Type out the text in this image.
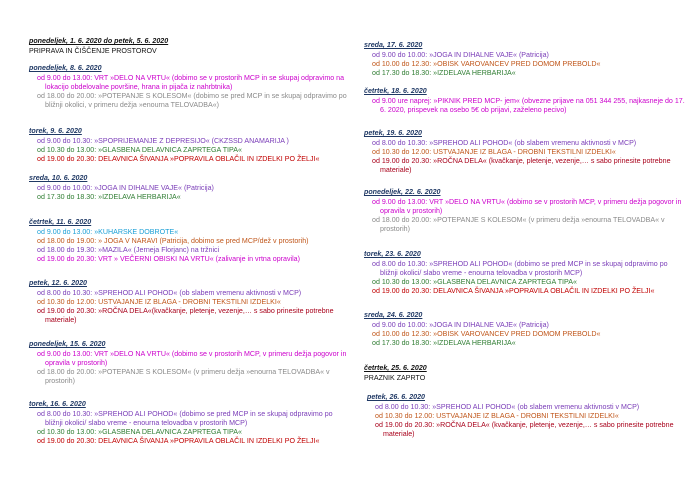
ponedeljek, 1. 6. 2020 do petek, 5. 6. 2020
PRIPRAVA IN ČIŠČENJE PROSTOROV
ponedeljek, 8. 6. 2020
od 9.00 do 13.00: VRT »DELO NA VRTU« (dobimo se v prostorih MCP in se skupaj odpravimo na lokacijo obdelovalne površine, hrana in pijača iz nahrbtnika)
od 18.00 do 20.00: »POTEPANJE S KOLESOM« (dobimo se pred MCP in se skupaj odpravimo po bližnji okolici, v primeru dežja »enourna TELOVADBA«)
torek, 9. 6. 2020
od 9.00 do 10.30: »SPOPRIJEMANJE Z DEPRESIJO« (CKZSSD ANAMARIJA )
od 10.30 do 13.00: »GLASBENA DELAVNICA ZAPRTEGA TIPA«
od 19.00 do 20.30: DELAVNICA ŠIVANJA »POPRAVILA OBLAČIL IN IZDELKI PO ŽELJI«
sreda, 10. 6. 2020
od 9.00 do 10.00: »JOGA IN DIHALNE VAJE« (Patricija)
od 17.30 do 18.30: »IZDELAVA HERBARIJA«
četrtek, 11. 6. 2020
od 9.00 do 13.00: »KUHARSKE DOBROTE«
od 18.00 do 19.00: » JOGA V NARAVI (Patricija, dobimo se pred MCP/dež v prostorih)
od 18.00 do 19.30: »MAZILA« (Jerneja Florjanc) na tržnici
od 19.00 do 20.30: VRT » VEČERNI OBISKI NA VRTU« (zalivanje in vrtna opravila)
petek, 12. 6. 2020
od 8.00 do 10.30: »SPREHOD ALI POHOD« (ob slabem vremenu aktivnosti v MCP)
od 10.30 do 12.00: USTVAJANJE IZ BLAGA - DROBNI TEKSTILNI IZDELKI«
od 19.00 do 20.30: »ROČNA DELA«(kvačkanje, pletenje, vezenje,… s sabo prinesite potrebne materiale)
ponedeljek, 15. 6. 2020
od 9.00 do 13.00: VRT »DELO NA VRTU« (dobimo se v prostorih MCP, v primeru dežja pogovor in opravila v prostorih)
od 18.00 do 20.00: »POTEPANJE S KOLESOM« (v primeru dežja »enourna TELOVADBA« v prostorih)
torek, 16. 6. 2020
od 8.00 do 10.30: »SPREHOD ALI POHOD« (dobimo se pred MCP in se skupaj odpravimo po bližnji okolici/ slabo vreme - enourna telovadba v prostorih MCP)
od 10.30 do 13.00: »GLASBENA DELAVNICA ZAPRTEGA TIPA«
od 19.00 do 20.30: DELAVNICA ŠIVANJA »POPRAVILA OBLAČIL IN IZDELKI PO ŽELJI«
sreda, 17. 6. 2020
od 9.00 do 10.00: »JOGA IN DIHALNE VAJE« (Patricija)
od 10.00 do 12.30: »OBISK VAROVANCEV PRED DOMOM PREBOLD«
od 17.30 do 18.30: »IZDELAVA HERBARIJA«
četrtek, 18. 6. 2020
od 9.00 ure naprej: »PIKNIK PRED MCP- jem« (obvezne prijave na 051 344 255, najkasneje do 17. 6. 2020, prispevek na osebo 5€ ob prijavi, zaželeno pecivo)
petek, 19. 6. 2020
od 8.00 do 10.30: »SPREHOD ALI POHOD« (ob slabem vremenu aktivnosti v MCP)
od 10.30 do 12.00: USTVAJANJE IZ BLAGA - DROBNI TEKSTILNI IZDELKI«
od 19.00 do 20.30: »ROČNA DELA« (kvačkanje, pletenje, vezenje,… s sabo prinesite potrebne materiale)
ponedeljek, 22. 6. 2020
od 9.00 do 13.00: VRT »DELO NA VRTU« (dobimo se v prostorih MCP, v primeru dežja pogovor in opravila v prostorih)
od 18.00 do 20.00: »POTEPANJE S KOLESOM« (v primeru dežja »enourna TELOVADBA« v prostorih)
torek, 23. 6. 2020
od 8.00 do 10.30: »SPREHOD ALI POHOD« (dobimo se pred MCP in se skupaj odpravimo po bližnji okolici/ slabo vreme - enourna telovadba v prostorih MCP)
od 10.30 do 13.00: »GLASBENA DELAVNICA ZAPRTEGA TIPA«
od 19.00 do 20.30: DELAVNICA ŠIVANJA »POPRAVILA OBLAČIL IN IZDELKI PO ŽELJI«
sreda, 24. 6. 2020
od 9.00 do 10.00: »JOGA IN DIHALNE VAJE« (Patricija)
od 10.00 do 12.30: »OBISK VAROVANCEV PRED DOMOM PREBOLD«
od 17.30 do 18.30: »IZDELAVA HERBARIJA«
četrtek, 25. 6. 2020
PRAZNIK ZAPRTO
petek, 26. 6. 2020
od 8.00 do 10.30: »SPREHOD ALI POHOD« (ob slabem vremenu aktivnosti v MCP)
od 10.30 do 12.00: USTVAJANJE IZ BLAGA - DROBNI TEKSTILNI IZDELKI«
od 19.00 do 20.30: »ROČNA DELA« (kvačkanje, pletenje, vezenje,… s sabo prinesite potrebne materiale)
